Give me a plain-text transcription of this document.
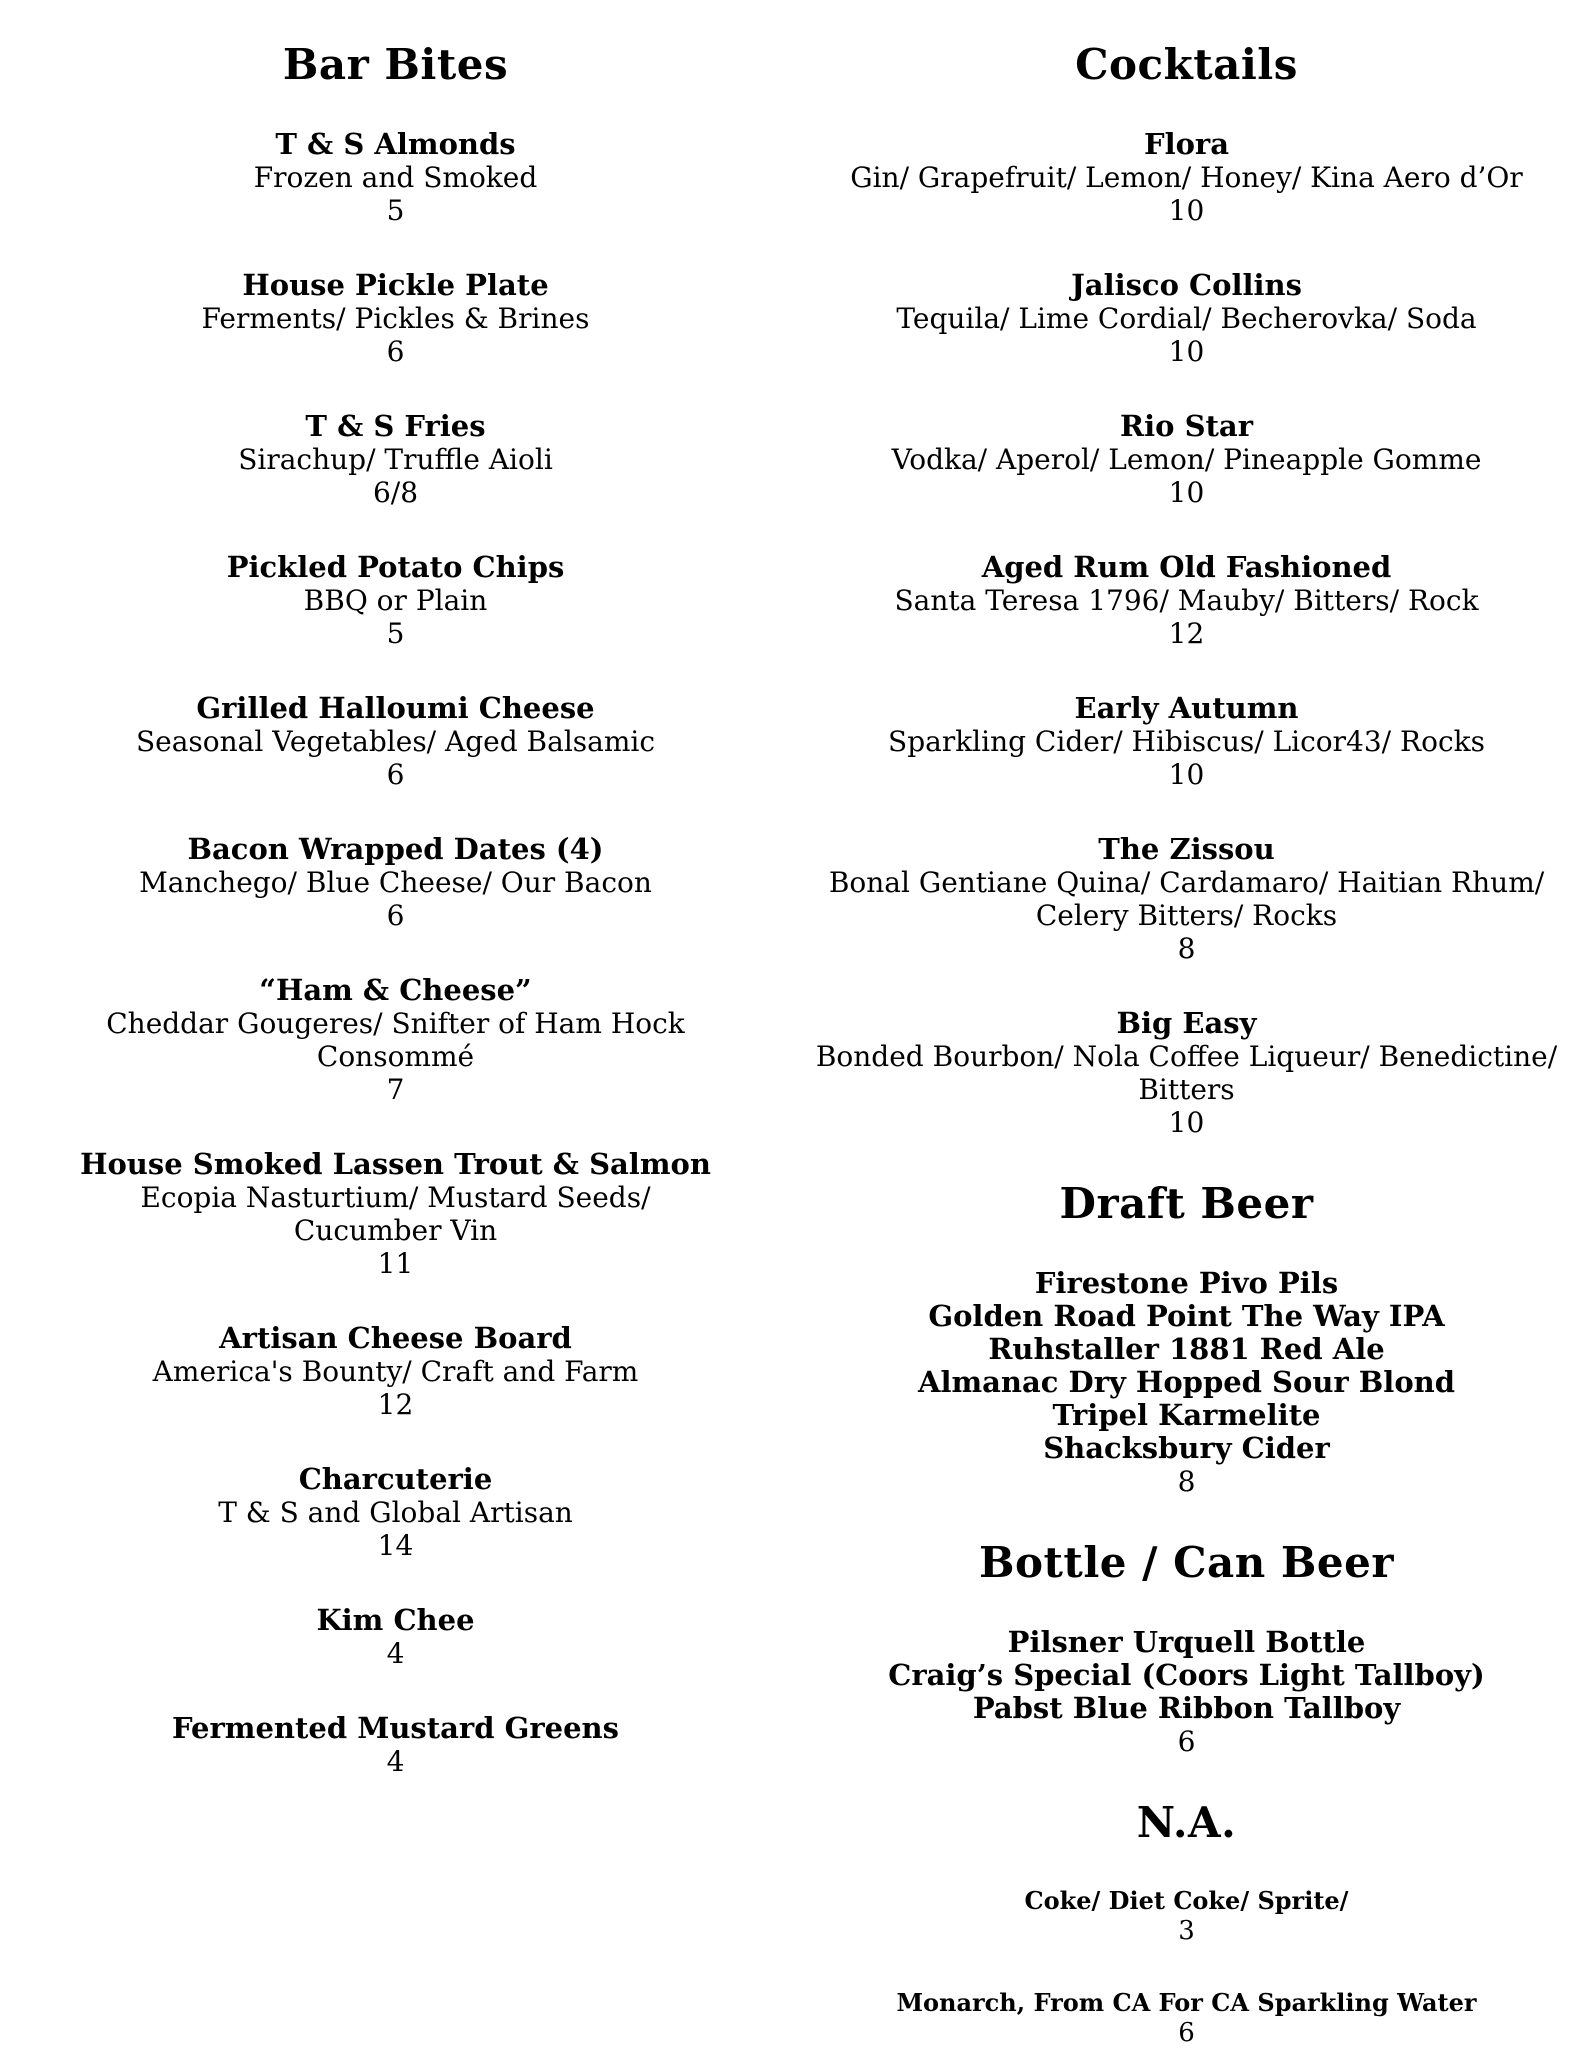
Bar Bites
T & S Almonds
Frozen and Smoked
5
House Pickle Plate
Ferments/ Pickles & Brines
6
T & S Fries
Sirachup/ Truffle Aioli
6/8
Pickled Potato Chips
BBQ or Plain
5
Grilled Halloumi Cheese
Seasonal Vegetables/ Aged Balsamic
6
Bacon Wrapped Dates (4)
Manchego/ Blue Cheese/ Our Bacon
6
“Ham & Cheese”
Cheddar Gougeres/ Snifter of Ham Hock
Consommé
7
House Smoked Lassen Trout & Salmon
Ecopia Nasturtium/ Mustard Seeds/
Cucumber Vin
11
Artisan Cheese Board
America's Bounty/ Craft and Farm
12
Charcuterie
T & S and Global Artisan
14
Kim Chee
4
Fermented Mustard Greens
4
Cocktails
Flora
Gin/ Grapefruit/ Lemon/ Honey/ Kina Aero d’Or
10
Jalisco Collins
Tequila/ Lime Cordial/ Becherovka/ Soda
10
Rio Star
Vodka/ Aperol/ Lemon/ Pineapple Gomme
10
Aged Rum Old Fashioned
Santa Teresa 1796/ Mauby/ Bitters/ Rock
12
Early Autumn
Sparkling Cider/ Hibiscus/ Licor43/ Rocks
10
The Zissou
Bonal Gentiane Quina/ Cardamaro/ Haitian Rhum/
Celery Bitters/ Rocks
8
Big Easy
Bonded Bourbon/ Nola Coffee Liqueur/ Benedictine/
Bitters
10
Draft Beer
Firestone Pivo Pils
Golden Road Point The Way IPA
Ruhstaller 1881 Red Ale
Almanac Dry Hopped Sour Blond
Tripel Karmelite
Shacksbury Cider
8
Bottle / Can Beer
Pilsner Urquell Bottle
Craig’s Special (Coors Light Tallboy)
Pabst Blue Ribbon Tallboy
6
N.A.
Coke/ Diet Coke/ Sprite/
3
Monarch, From CA For CA Sparkling Water
6
